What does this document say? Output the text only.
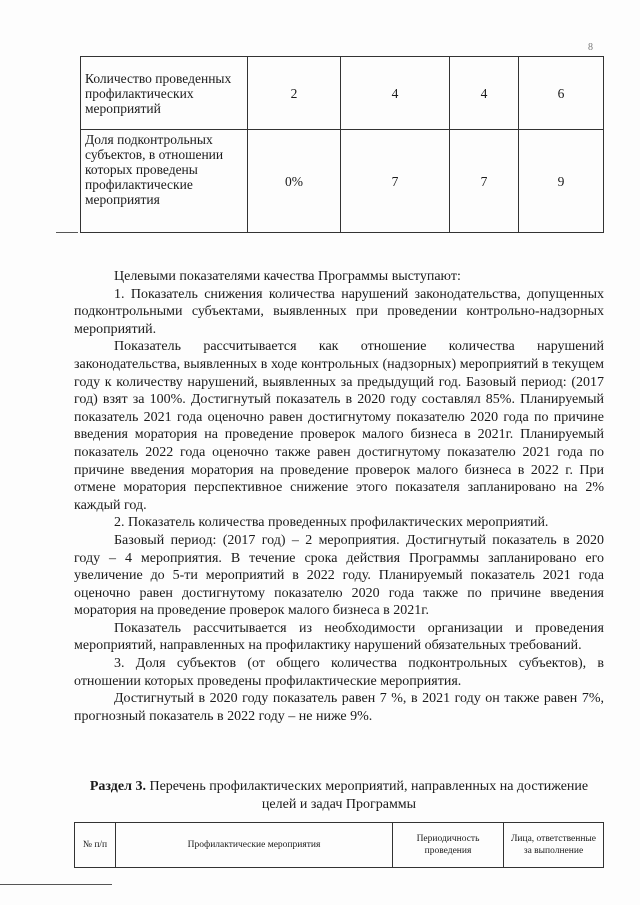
8
Количество проведенных профилактических мероприятий	2	4	4	6
Доля подконтрольных субъектов, в отношении которых проведены профилактические мероприятия	0%	7	7	9

Целевыми показателями качества Программы выступают:

1. Показатель снижения количества нарушений законодательства, допущенных подконтрольными субъектами, выявленных при проведении контрольно-надзорных мероприятий.

Показатель рассчитывается как отношение количества нарушений законодательства, выявленных в ходе контрольных (надзорных) мероприятий в текущем году к количеству нарушений, выявленных за предыдущий год. Базовый период: (2017 год) взят за 100%. Достигнутый показатель в 2020 году составлял 85%. Планируемый показатель 2021 года оценочно равен достигнутому показателю 2020 года по причине введения моратория на проведение проверок малого бизнеса в 2021г. Планируемый показатель 2022 года оценочно также равен достигнутому показателю 2021 года по причине введения моратория на проведение проверок малого бизнеса в 2022 г. При отмене моратория перспективное снижение этого показателя запланировано на 2% каждый год.

2. Показатель количества проведенных профилактических мероприятий.

Базовый период: (2017 год) – 2 мероприятия. Достигнутый показатель в 2020 году – 4 мероприятия. В течение срока действия Программы запланировано его увеличение до 5-ти мероприятий в 2022 году. Планируемый показатель 2021 года оценочно равен достигнутому показателю 2020 года также по причине введения моратория на проведение проверок малого бизнеса в 2021г.

Показатель рассчитывается из необходимости организации и проведения мероприятий, направленных на профилактику нарушений обязательных требований.

3. Доля субъектов (от общего количества подконтрольных субъектов), в отношении которых проведены профилактические мероприятия.

Достигнутый в 2020 году показатель равен 7 %, в 2021 году он также равен 7%, прогнозный показатель в 2022 году – не ниже 9%.

Раздел 3. Перечень профилактических мероприятий, направленных на достижение целей и задач Программы
№ п/п	Профилактические мероприятия	Периодичность проведения	Лица, ответственные за выполнение
